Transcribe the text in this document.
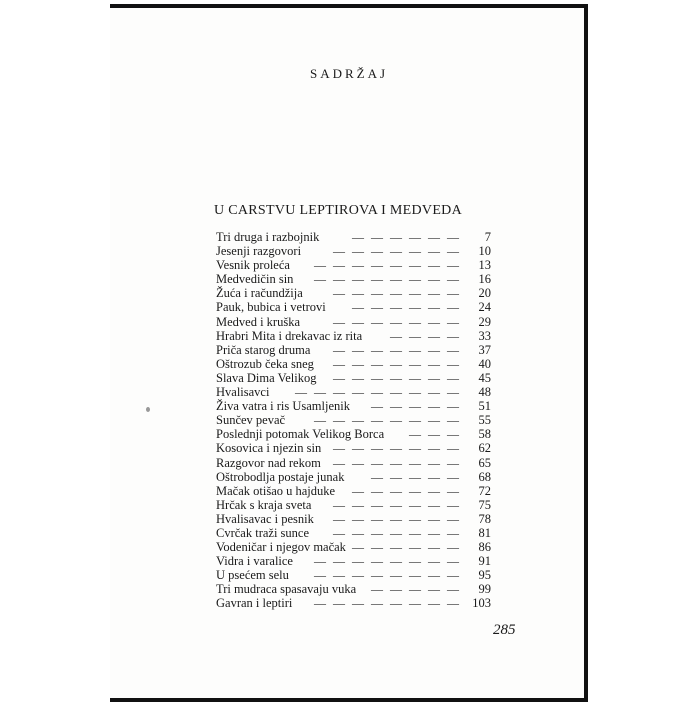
SADRŽAJ
U CARSTVU LEPTIROVA I MEDVEDA
Tri druga i razbojnik	— — — — — —	7
Jesenji razgovori	— — — — — — —	10
Vesnik proleća — — — — — — — —	13
Medvedičin sin — — — — — — — —	16
Žuća i račundžija	— — — — — — —	20
Pauk, bubica i vetrovi — — — — — —	24
Medved i kruška	— — — — — — —	29
Hrabri Mita i drekavac iz rita — — — —	33
Priča starog druma — — — — — — —	37
Oštrozub čeka sneg — — — — — — —	40
Slava Dima Velikog — — — — — — —	45
Hvalisavci — — — — — — — — —	48
Živa vatra i ris Usamljenik — — — — —	51
Sunčev pevač — — — — — — — —	55
Poslednji potomak Velikog Borca — — —	58
Kosovica i njezin sin — — — — — — —	62
Razgovor nad rekom — — — — — — —	65
Oštrobodlja postaje junak — — — — —	68
Mačak otišao u hajduke — — — — — —	72
Hrčak s kraja sveta — — — — — — —	75
Hvalisavac i pesnik — — — — — — —	78
Cvrčak traži sunce — — — — — — —	81
Vodeničar i njegov mačak — — — — — —	86
Vidra i varalice — — — — — — — —	91
U psećem selu — — — — — — — —	95
Tri mudraca spasavaju vuka — — — — —	99
Gavran i leptiri — — — — — — — — 103
285
